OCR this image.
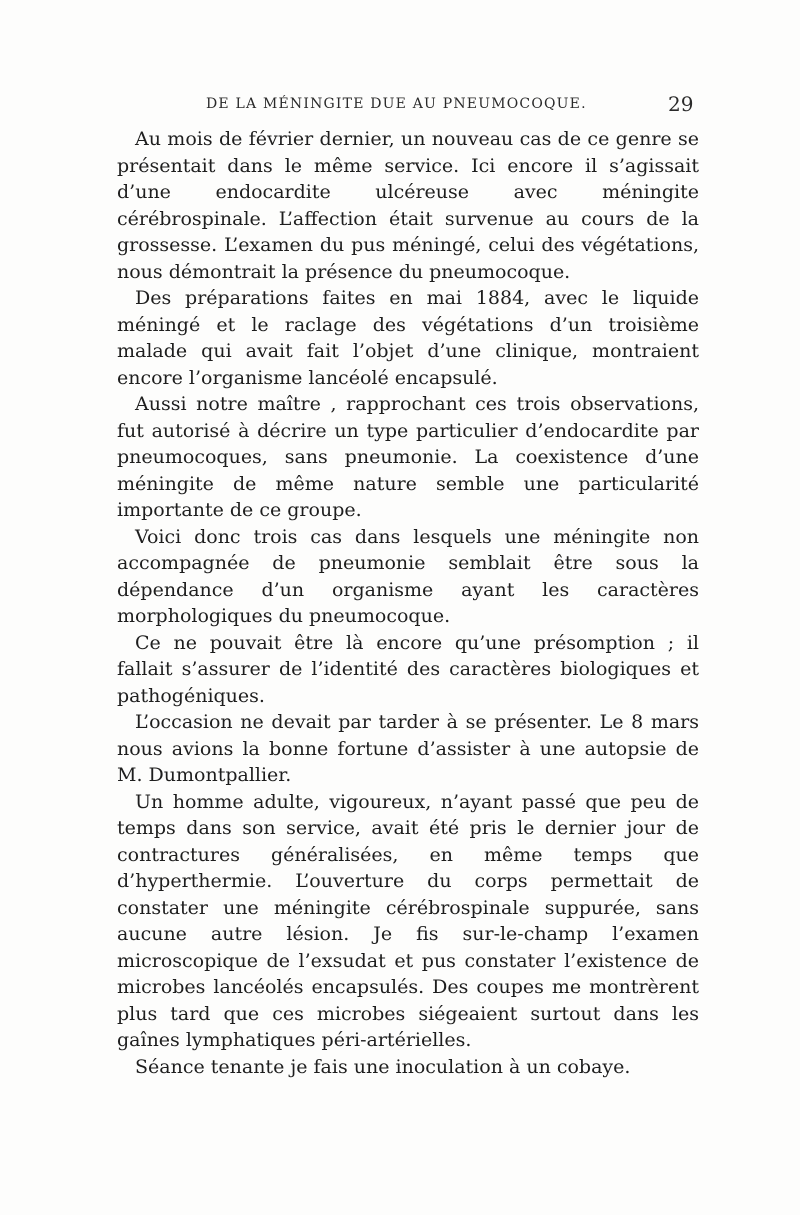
DE LA MÉNINGITE DUE AU PNEUMOCOQUE.	29

Au mois de février dernier, un nouveau cas de ce genre se présentait dans le même service. Ici encore il s’agissait d’une endocardite ulcéreuse avec méningite cérébrospinale. L’affection était survenue au cours de la grossesse. L’examen du pus méningé, celui des végétations, nous démontrait la présence du pneumocoque.

Des préparations faites en mai 1884, avec le liquide méningé et le raclage des végétations d’un troisième malade qui avait fait l’objet d’une clinique, montraient encore l’organisme lancéolé encapsulé.

Aussi notre maître , rapprochant ces trois observations, fut autorisé à décrire un type particulier d’endocardite par pneumocoques, sans pneumonie. La coexistence d’une méningite de même nature semble une particularité importante de ce groupe.

Voici donc trois cas dans lesquels une méningite non accompagnée de pneumonie semblait être sous la dépendance d’un organisme ayant les caractères morphologiques du pneumocoque.

Ce ne pouvait être là encore qu’une présomption ; il fallait s’assurer de l’identité des caractères biologiques et pathogéniques.

L’occasion ne devait par tarder à se présenter. Le 8 mars nous avions la bonne fortune d’assister à une autopsie de M. Dumontpallier.

Un homme adulte, vigoureux, n’ayant passé que peu de temps dans son service, avait été pris le dernier jour de contractures généralisées, en même temps que d’hyperthermie. L’ouverture du corps permettait de constater une méningite cérébrospinale suppurée, sans aucune autre lésion. Je fis sur-le-champ l’examen microscopique de l’exsudat et pus constater l’existence de microbes lancéolés encapsulés. Des coupes me montrèrent plus tard que ces microbes siégeaient surtout dans les gaînes lymphatiques péri-artérielles.

Séance tenante je fais une inoculation à un cobaye.
